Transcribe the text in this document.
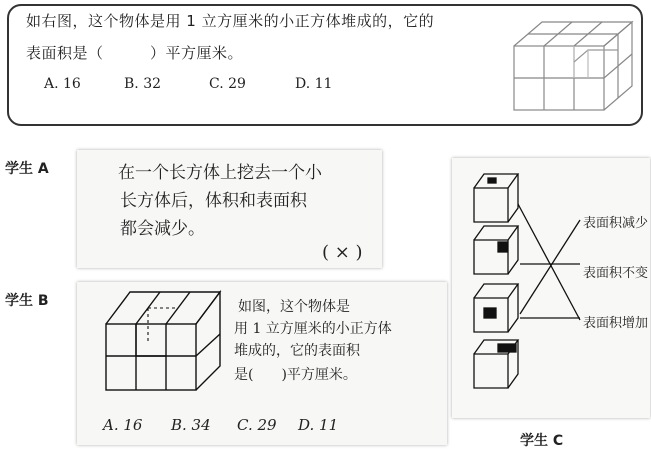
如右图，这个物体是用 1 立方厘米的小正方体堆成的，它的
表面积是（　　　）平方厘米。
A. 16	B. 32	C. 29	D. 11
学生 A
学生 B
学生 C
在一个长方体上挖去一个小
长方体后，体积和表面积
都会减少。
( × )
如图，这个物体是
用 1 立方厘米的小正方体
堆成的，它的表面积
是(　　)平方厘米。
A. 16 B. 34 C. 29 D. 11
表面积减少
表面积不变
表面积增加
